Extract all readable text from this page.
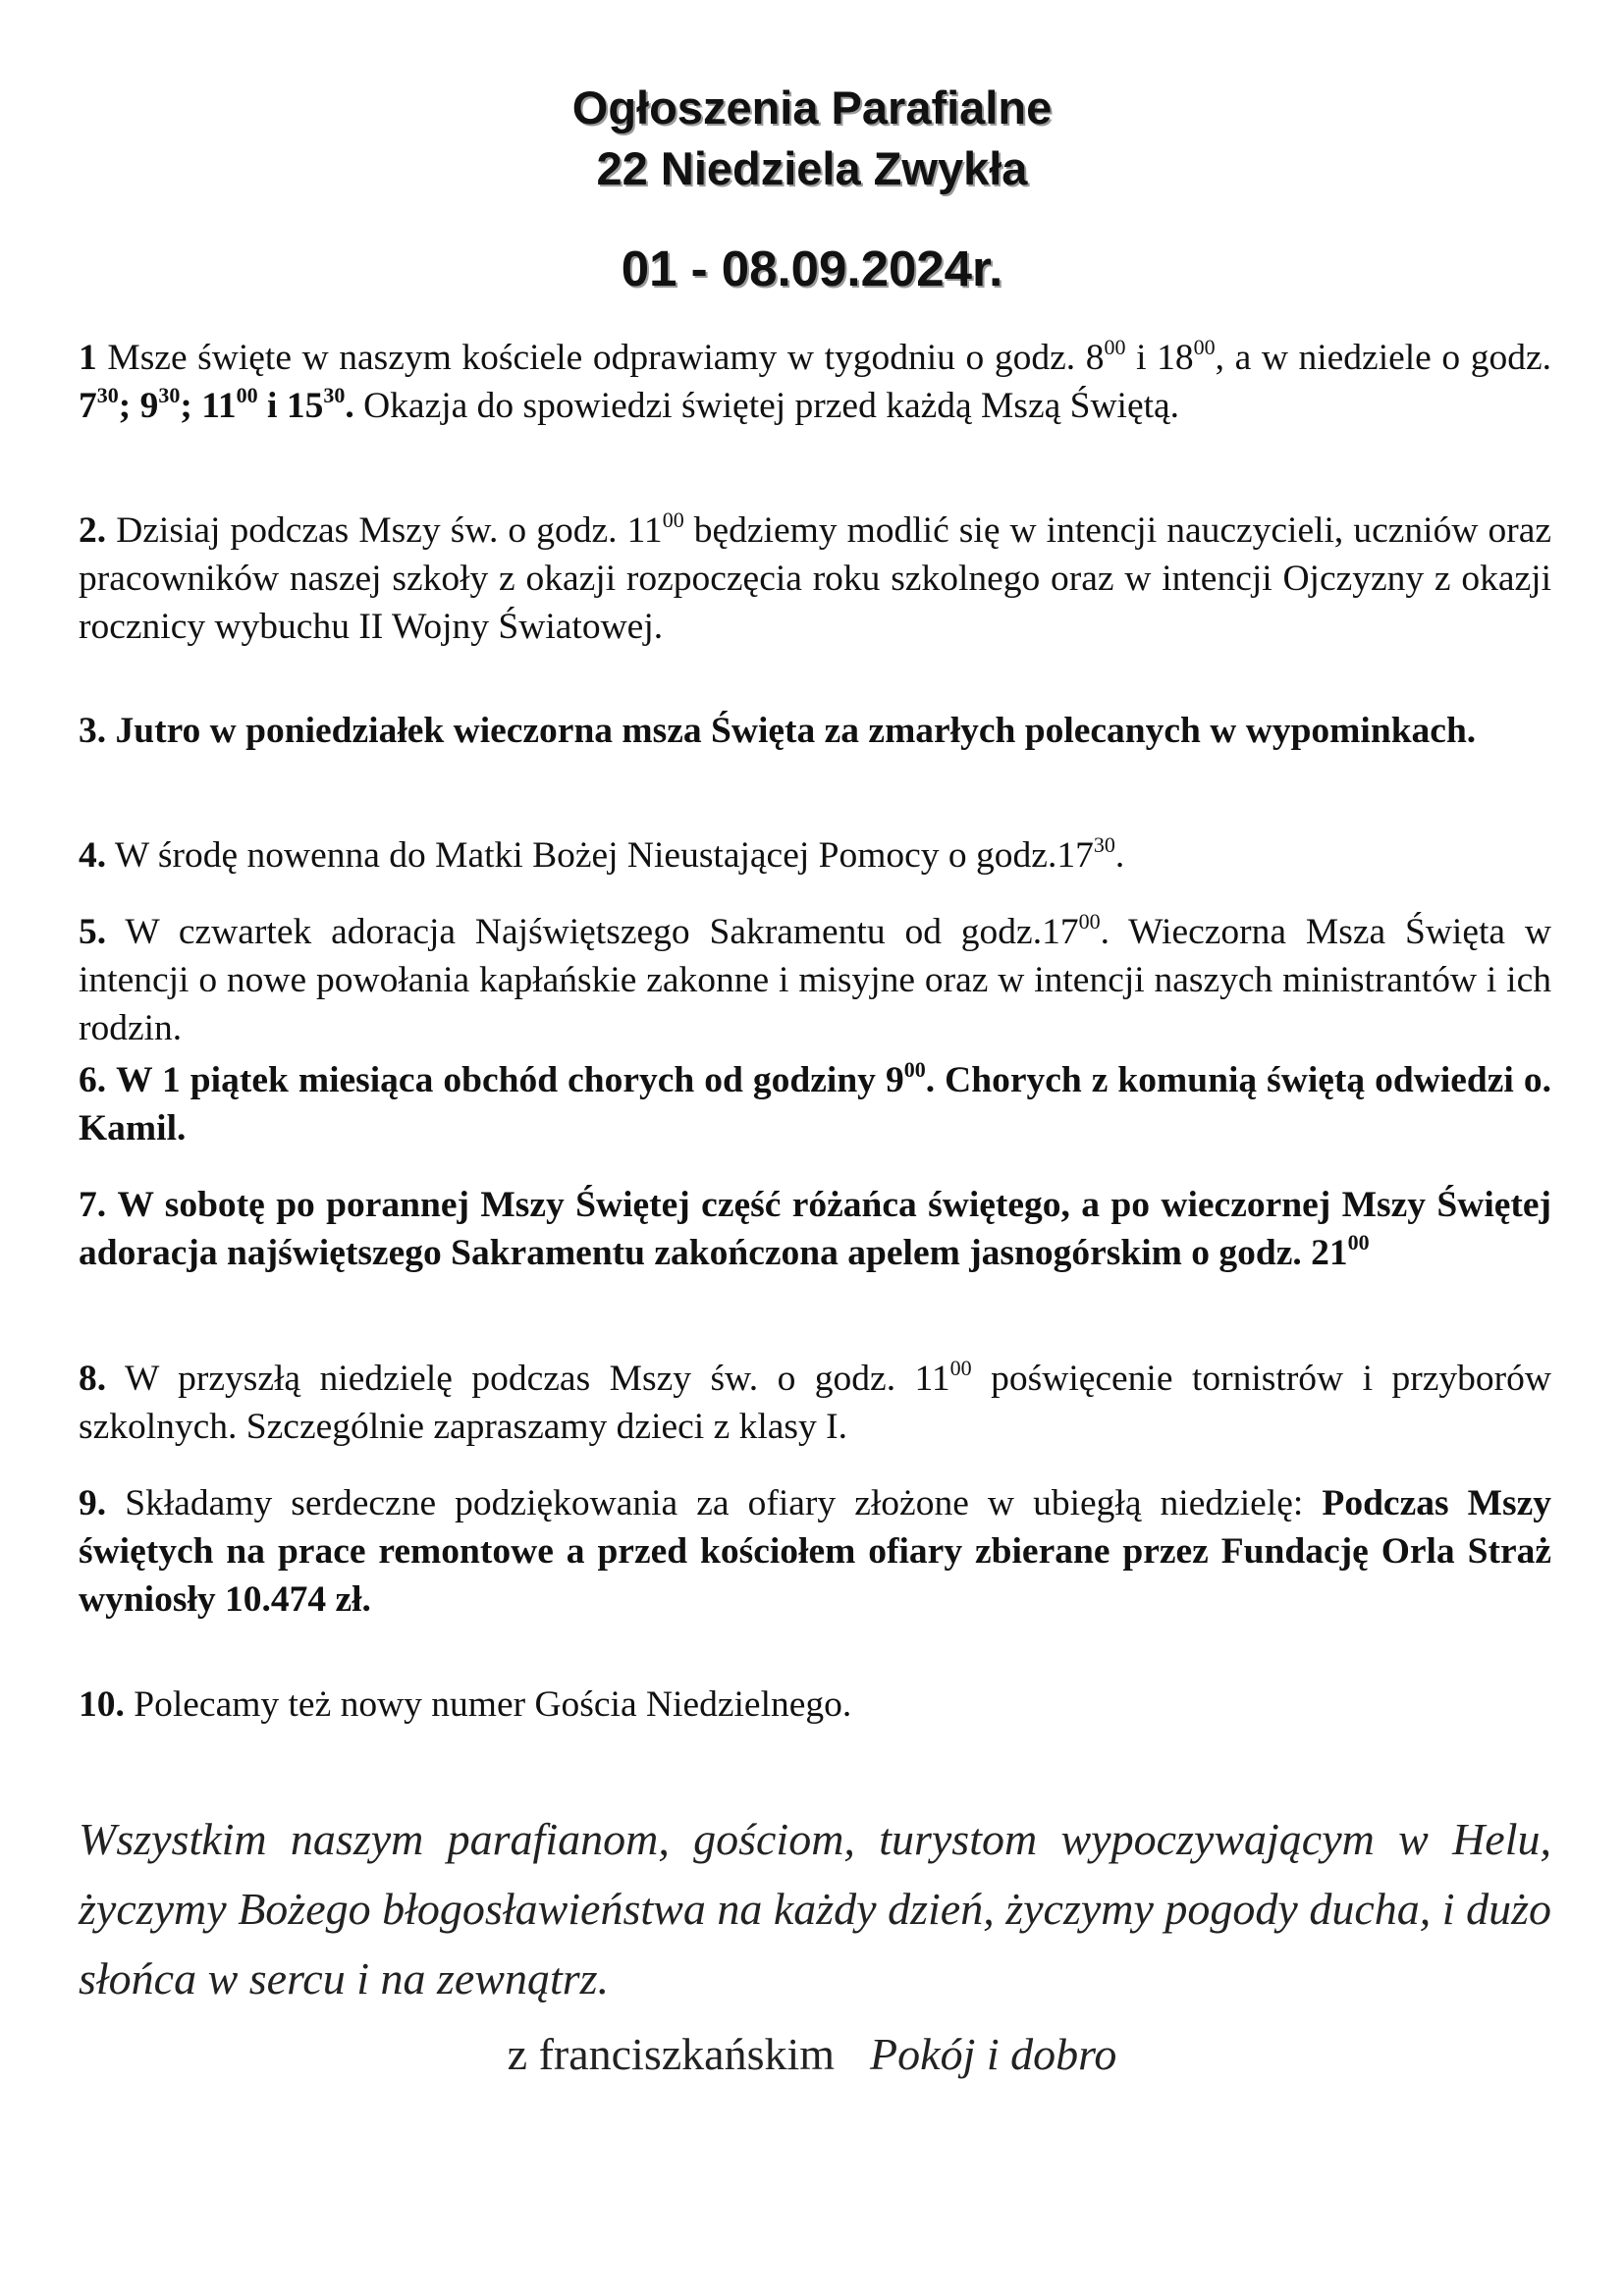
Ogłoszenia Parafialne
22 Niedziela Zwykła
01 - 08.09.2024r.
1 Msze święte w naszym kościele odprawiamy w tygodniu o godz. $8^{00}$ i $18^{00}$, a w niedziele o godz. $7^{30}$; $9^{30}$; $11^{00}$ i $15^{30}$. Okazja do spowiedzi świętej przed każdą Mszą Świętą.
2. Dzisiaj podczas Mszy św. o godz. $11^{00}$ będziemy modlić się w intencji nauczycieli, uczniów oraz pracowników naszej szkoły z okazji rozpoczęcia roku szkolnego oraz w intencji Ojczyzny z okazji rocznicy wybuchu II Wojny Światowej.
3. Jutro w poniedziałek wieczorna msza Święta za zmarłych polecanych w wypominkach.
4. W środę nowenna do Matki Bożej Nieustającej Pomocy o $godz.17^{30}$.
5. W czwartek adoracja Najświętszego Sakramentu od $godz.17^{00}$. Wieczorna Msza Święta w intencji o nowe powołania kapłańskie zakonne i misyjne oraz w intencji naszych ministrantów i ich rodzin.
6. W 1 piątek miesiąca obchód chorych od godziny $9^{00}$. Chorych z komunią świętą odwiedzi o. Kamil.
7. W sobotę po porannej Mszy Świętej część różańca świętego, a po wieczornej Mszy Świętej adoracja najświętszego Sakramentu zakończona apelem jasnogórskim o godz. $21^{00}$
8. W przyszłą niedzielę podczas Mszy św. o godz. $11^{00}$ poświęcenie tornistrów i przyborów szkolnych. Szczególnie zapraszamy dzieci z klasy I.
9. Składamy serdeczne podziękowania za ofiary złożone w ubiegłą niedzielę: Podczas Mszy świętych na prace remontowe a przed kościołem ofiary zbierane przez Fundację Orla Straż wyniosły 10.474 zł.
10. Polecamy też nowy numer Gościa Niedzielnego.
Wszystkim naszym parafianom, gościom, turystom wypoczywającym w Helu, życzymy Bożego błogosławieństwa na każdy dzień, życzymy pogody ducha, i dużo słońca w sercu i na zewnątrz.
z franciszkańskim Pokój i dobro
